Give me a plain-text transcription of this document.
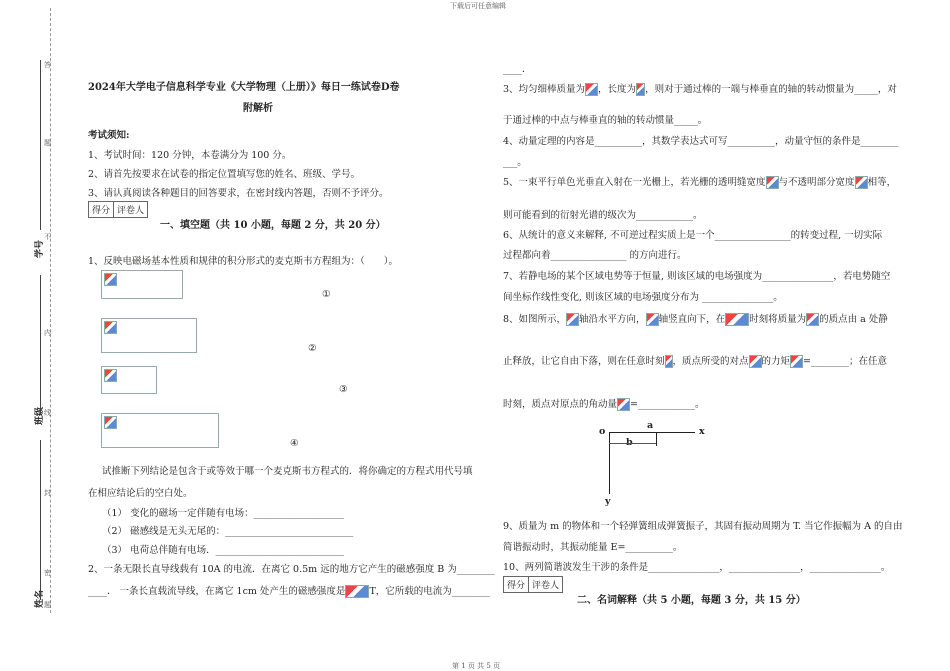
下载后可任意编辑
第 1 页 共 5 页
学号
班级
姓名
答
题
不
内
线
封
密
题
2024年大学电子信息科学专业《大学物理（上册）》每日一练试卷D卷
附解析
考试须知:
1、考试时间：120 分钟，本卷满分为 100 分。
2、请首先按要求在试卷的指定位置填写您的姓名、班级、学号。
3、请认真阅读各种题目的回答要求，在密封线内答题，否则不予评分。
得分 评卷人
一、填空题（共 10 小题，每题 2 分，共 20 分）
1、反映电磁场基本性质和规律的积分形式的麦克斯韦方程组为：（　　）。
①
②
③
④
试推断下列结论是包含于或等效于哪一个麦克斯韦方程式的．将你确定的方程式用代号填
在相应结论后的空白处。
（1） 变化的磁场一定伴随有电场：___________________
（2） 磁感线是无头无尾的：___________________________
（3） 电荷总伴随有电场．___________________________
2、一条无限长直导线载有 10A 的电流．在离它 0.5m 远的地方它产生的磁感强度 B 为________
____． 一条长直载流导线，在离它 1cm 处产生的磁感强度是	T，它所载的电流为________
____．
3、均匀细棒质量为 ，长度为 ，则对于通过棒的一端与棒垂直的轴的转动惯量为_____，对
于通过棒的中点与棒垂直的轴的转动惯量_____。
4、动量定理的内容是__________，其数学表达式可写__________，动量守恒的条件是________
___。
5、一束平行单色光垂直入射在一光栅上，若光栅的透明缝宽度 与不透明部分宽度 相等，
则可能看到的衍射光谱的级次为____________。
6、从统计的意义来解释, 不可逆过程实质上是一个________________的转变过程, 一切实际
过程都向着________________ 的方向进行。
7、若静电场的某个区域电势等于恒量, 则该区域的电场强度为_______________，若电势随空
间坐标作线性变化, 则该区域的电场强度分布为 _______________。
8、如图所示， 轴沿水平方向， 轴竖直向下，在	时刻将质量为 的质点由 a 处静
止释放，让它自由下落，则在任意时刻 ，质点所受的对点 的力矩 =________；在任意
时刻，质点对原点的角动量 =____________。
o
a
x
y
9、质量为 m 的物体和一个轻弹簧组成弹簧振子，其固有振动周期为 T. 当它作振幅为 A 的自由
简谐振动时，其振动能量 E=__________。
10、两列简谐波发生干涉的条件是_______________，_______________，_______________。
得分 评卷人
二、名词解释（共 5 小题，每题 3 分，共 15 分）
